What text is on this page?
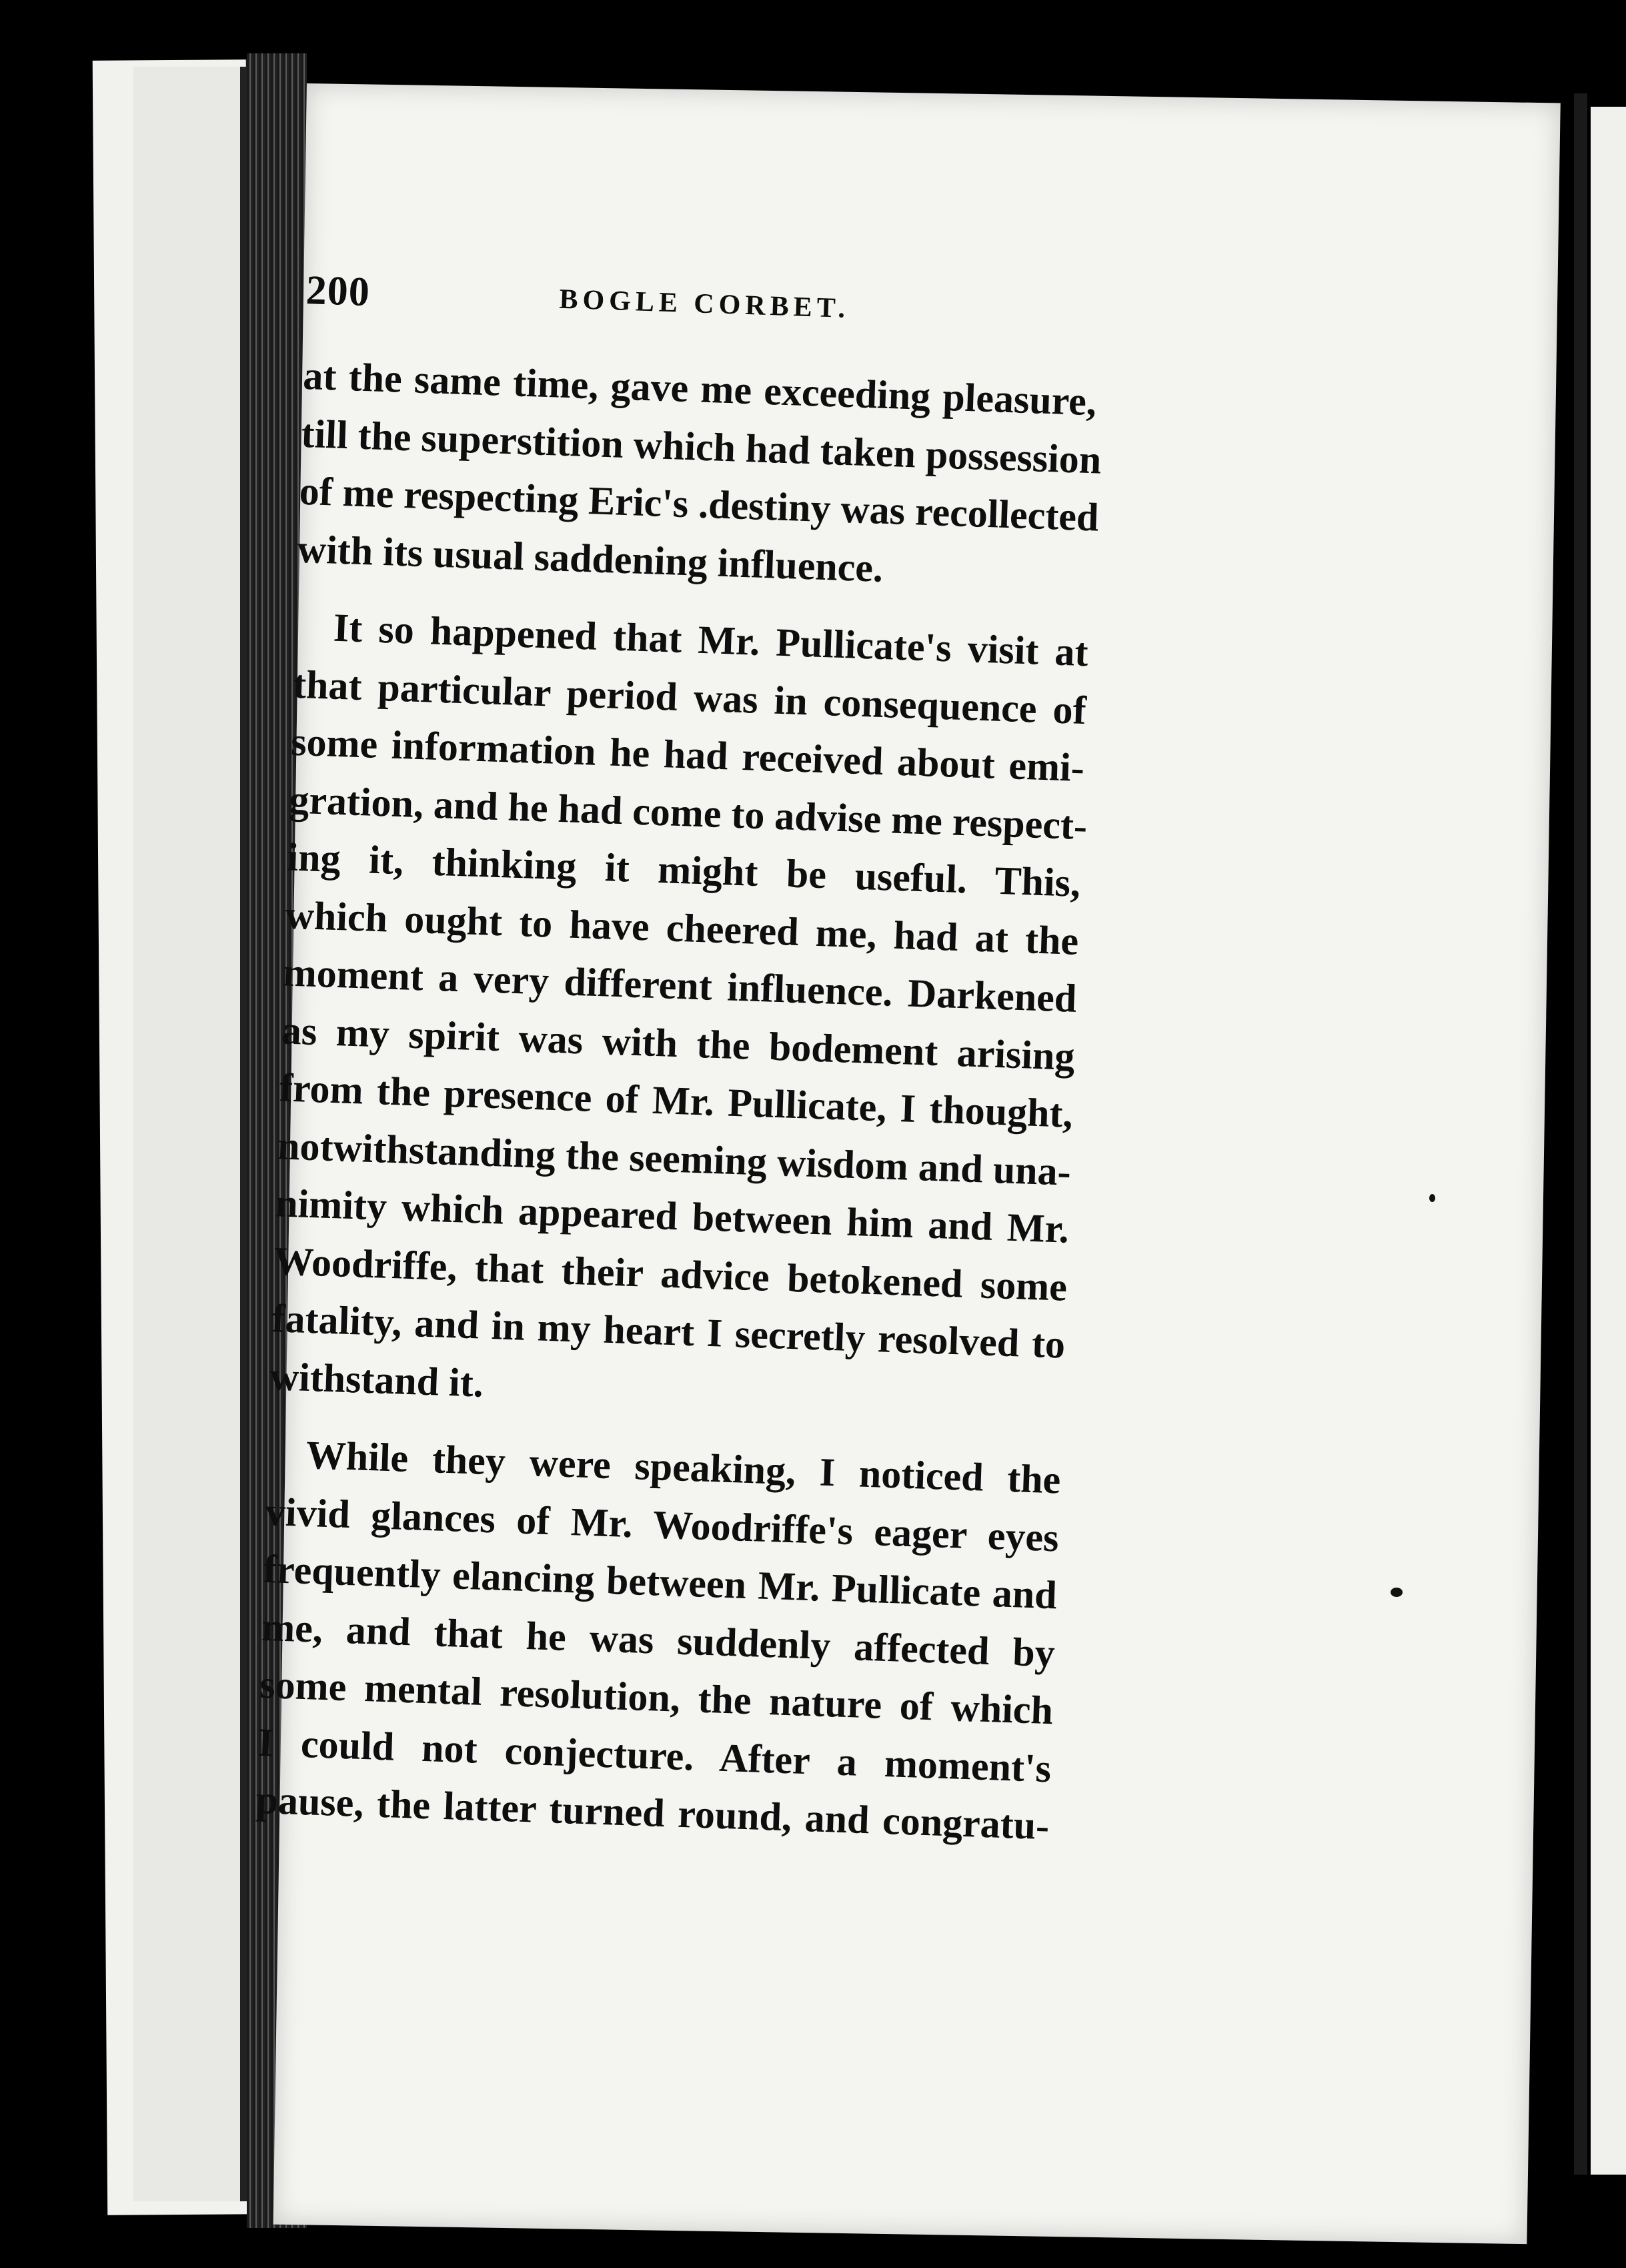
200	BOGLE CORBET.
at the same time, gave me exceeding pleasure,
till the superstition which had taken possession
of me respecting Eric's .destiny was recollected
with its usual saddening influence.
It so happened that Mr. Pullicate's visit at
that particular period was in consequence of
some information he had received about emi-
gration, and he had come to advise me respect-
ing it, thinking it might be useful. This,
which ought to have cheered me, had at the
moment a very different influence. Darkened
as my spirit was with the bodement arising
from the presence of Mr. Pullicate, I thought,
notwithstanding the seeming wisdom and una-
nimity which appeared between him and Mr.
Woodriffe, that their advice betokened some
fatality, and in my heart I secretly resolved to
withstand it.
While they were speaking, I noticed the
vivid glances of Mr. Woodriffe's eager eyes
frequently elancing between Mr. Pullicate and
me, and that he was suddenly affected by
some mental resolution, the nature of which
I could not conjecture. After a moment's
pause, the latter turned round, and congratu-
